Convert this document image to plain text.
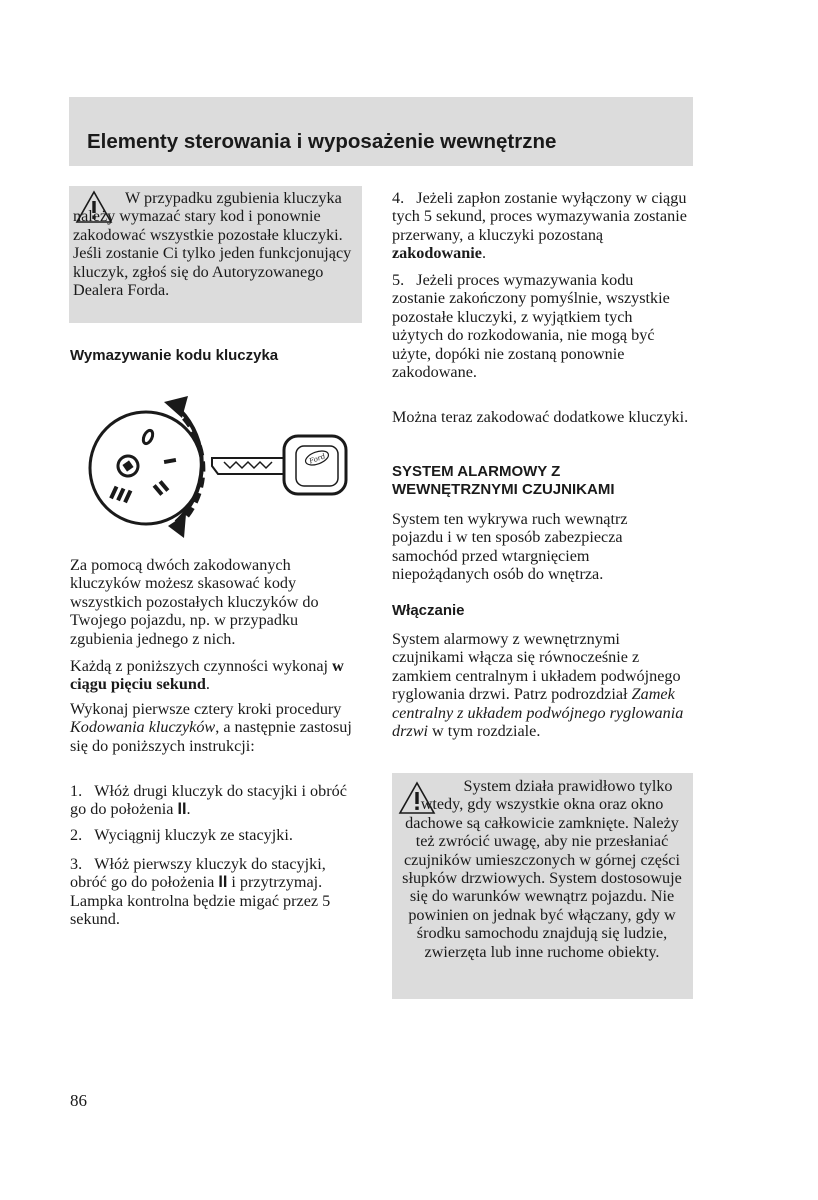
Elementy sterowania i wyposażenie wewnętrzne

W przypadku zgubienia kluczyka należy wymazać stary kod i ponownie zakodować wszystkie pozostałe kluczyki. Jeśli zostanie Ci tylko jeden funkcjonujący kluczyk, zgłoś się do Autoryzowanego Dealera Forda.

Wymazywanie kodu kluczyka

Ford

Za pomocą dwóch zakodowanych kluczyków możesz skasować kody wszystkich pozostałych kluczyków do Twojego pojazdu, np. w przypadku zgubienia jednego z nich.

Każdą z poniższych czynności wykonaj w ciągu pięciu sekund.

Wykonaj pierwsze cztery kroki procedury Kodowania kluczyków, a następnie zastosuj się do poniższych instrukcji:

1. Włóż drugi kluczyk do stacyjki i obróć go do położenia II.

2. Wyciągnij kluczyk ze stacyjki.

3. Włóż pierwszy kluczyk do stacyjki, obróć go do położenia II i przytrzymaj. Lampka kontrolna będzie migać przez 5 sekund.

4. Jeżeli zapłon zostanie wyłączony w ciągu tych 5 sekund, proces wymazywania zostanie przerwany, a kluczyki pozostaną zakodowanie.

5. Jeżeli proces wymazywania kodu zostanie zakończony pomyślnie, wszystkie pozostałe kluczyki, z wyjątkiem tych użytych do rozkodowania, nie mogą być użyte, dopóki nie zostaną ponownie zakodowane.

Można teraz zakodować dodatkowe kluczyki.

SYSTEM ALARMOWY Z
WEWNĘTRZNYMI CZUJNIKAMI

System ten wykrywa ruch wewnątrz pojazdu i w ten sposób zabezpiecza samochód przed wtargnięciem niepożądanych osób do wnętrza.

Włączanie

System alarmowy z wewnętrznymi czujnikami włącza się równocześnie z zamkiem centralnym i układem podwójnego ryglowania drzwi. Patrz podrozdział Zamek centralny z układem podwójnego ryglowania drzwi w tym rozdziale.

System działa prawidłowo tylko wtedy, gdy wszystkie okna oraz okno dachowe są całkowicie zamknięte. Należy też zwrócić uwagę, aby nie przesłaniać czujników umieszczonych w górnej części słupków drzwiowych. System dostosowuje się do warunków wewnątrz pojazdu. Nie powinien on jednak być włączany, gdy w środku samochodu znajdują się ludzie, zwierzęta lub inne ruchome obiekty.

86
